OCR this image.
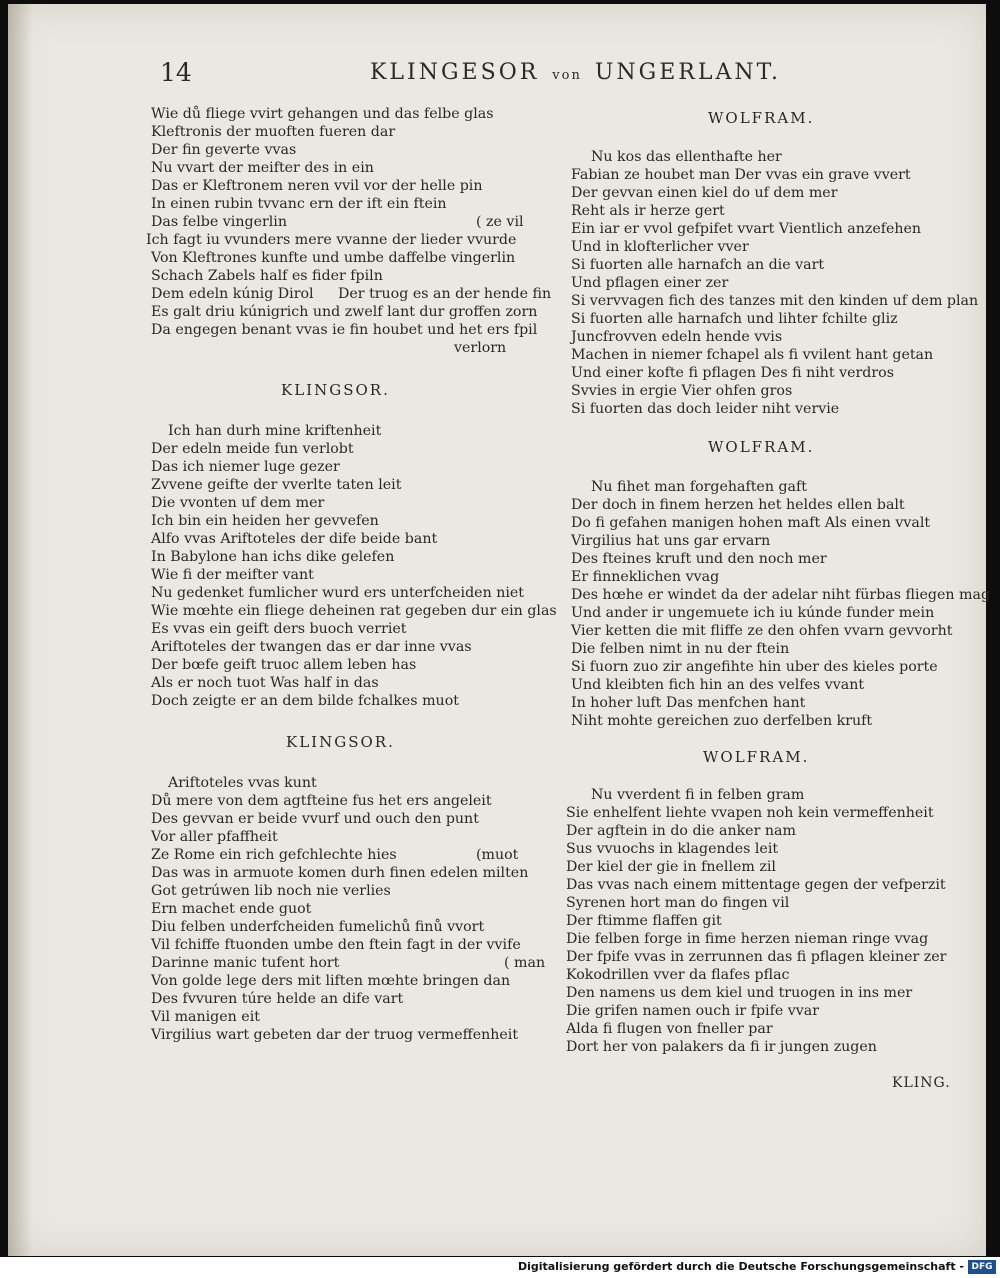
14	KLINGESOR von UNGERLANT.
Wie dů fliege vvirt gehangen und das felbe glas
Kleftronis der muoften fueren dar
Der fin geverte vvas
Nu vvart der meifter des in ein
Das er Kleftronem neren vvil vor der helle pin
In einen rubin tvvanc ern der ift ein ftein
Das felbe vingerlin	( ze vil
Ich fagt iu vvunders mere vvanne der lieder vvurde
Von Kleftrones kunfte und umbe daffelbe vingerlin
Schach Zabels half es fider fpiln
Dem edeln kúnig Dirol Der truog es an der hende fin
Es galt driu kúnigrich und zwelf lant dur groffen zorn
Da engegen benant vvas ie fin houbet und het ers fpil
verlorn
KLINGSOR.
Ich han durh mine kriftenheit
Der edeln meide fun verlobt
Das ich niemer luge gezer
Zvvene geifte der vverlte taten leit
Die vvonten uf dem mer
Ich bin ein heiden her gevvefen
Alfo vvas Ariftoteles der dife beide bant
In Babylone han ichs dike gelefen
Wie fi der meifter vant
Nu gedenket fumlicher wurd ers unterfcheiden niet
Wie mœhte ein fliege deheinen rat gegeben dur ein glas
Es vvas ein geift ders buoch verriet
Ariftoteles der twangen das er dar inne vvas
Der bœfe geift truoc allem leben has
Als er noch tuot Was half in das
Doch zeigte er an dem bilde fchalkes muot
KLINGSOR.
Ariftoteles vvas kunt
Dů mere von dem agtfteine fus het ers angeleit
Des gevvan er beide vvurf und ouch den punt
Vor aller pfaffheit
Ze Rome ein rich gefchlechte hies	(muot
Das was in armuote komen durh finen edelen milten
Got getrúwen lib noch nie verlies
Ern machet ende guot
Diu felben underfcheiden fumelichů finů vvort
Vil fchiffe ftuonden umbe den ftein fagt in der vvife
Darinne manic tufent hort	( man
Von golde lege ders mit liften mœhte bringen dan
Des fvvuren túre helde an dife vart
Vil manigen eit
Virgilius wart gebeten dar der truog vermeffenheit
WOLFRAM.
Nu kos das ellenthafte her
Fabian ze houbet man Der vvas ein grave vvert
Der gevvan einen kiel do uf dem mer
Reht als ir herze gert
Ein iar er vvol gefpifet vvart Vientlich anzefehen
Und in klofterlicher vver
Si fuorten alle harnafch an die vart
Und pflagen einer zer
Si vervvagen fich des tanzes mit den kinden uf dem plan
Si fuorten alle harnafch und lihter fchilte gliz
Juncfrovven edeln hende vvis
Machen in niemer fchapel als fi vvilent hant getan
Und einer kofte fi pflagen Des fi niht verdros
Svvies in ergie Vier ohfen gros
Si fuorten das doch leider niht vervie
WOLFRAM.
Nu fihet man forgehaften gaft
Der doch in finem herzen het heldes ellen balt
Do fi gefahen manigen hohen maft Als einen vvalt
Virgilius hat uns gar ervarn
Des fteines kruft und den noch mer
Er finneklichen vvag
Des hœhe er windet da der adelar niht fürbas fliegen mag
Und ander ir ungemuete ich iu kúnde funder mein
Vier ketten die mit fliffe ze den ohfen vvarn gevvorht
Die felben nimt in nu der ftein
Si fuorn zuo zir angefihte hin uber des kieles porte
Und kleibten fich hin an des velfes vvant
In hoher luft Das menfchen hant
Niht mohte gereichen zuo derfelben kruft
WOLFRAM.
Nu vverdent fi in felben gram
Sie enhelfent liehte vvapen noh kein vermeffenheit
Der agftein in do die anker nam
Sus vvuochs in klagendes leit
Der kiel der gie in fnellem zil
Das vvas nach einem mittentage gegen der vefperzit
Syrenen hort man do fingen vil
Der ftimme flaffen git
Die felben forge in fime herzen nieman ringe vvag
Der fpife vvas in zerrunnen das fi pflagen kleiner zer
Kokodrillen vver da flafes pflac
Den namens us dem kiel und truogen in ins mer
Die grifen namen ouch ir fpife vvar
Alda fi flugen von fneller par
Dort her von palakers da fi ir jungen zugen
KLING.
Digitalisierung gefördert durch die Deutsche Forschungsgemeinschaft - DFG
